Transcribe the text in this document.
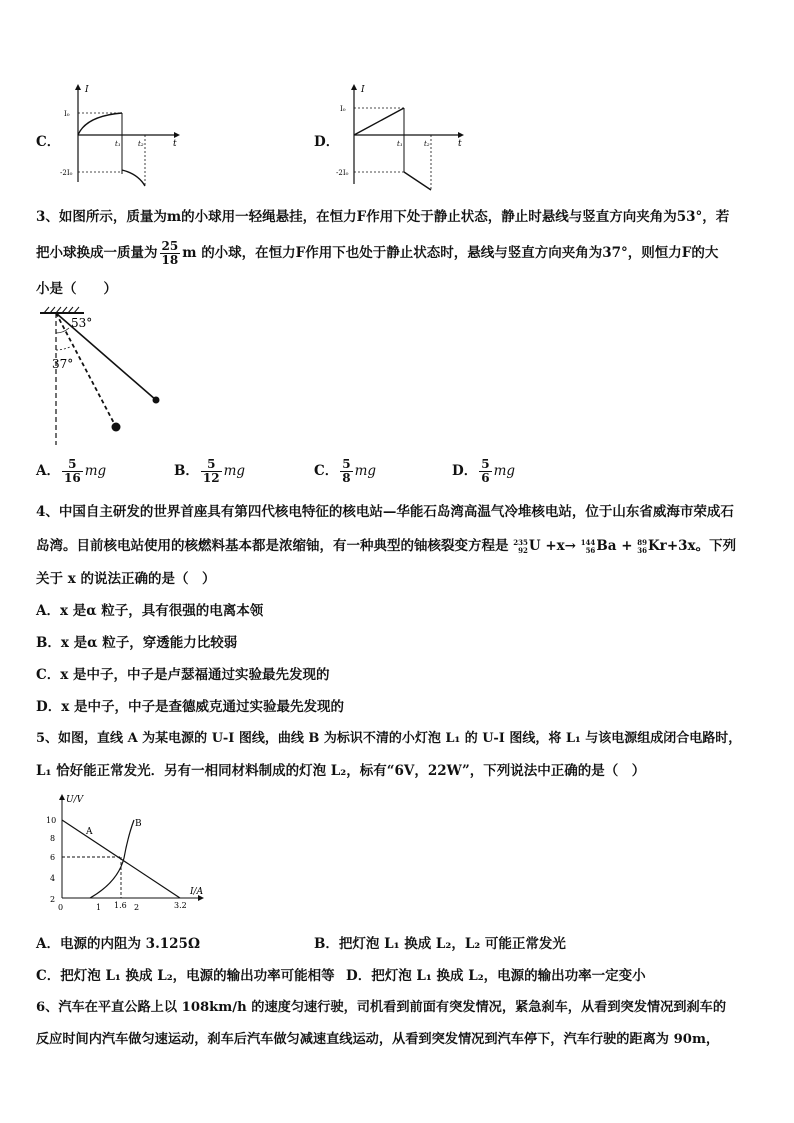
C．
I
t
I₀
-2I₀
t₁ t₂	D．
I
t
I₀
-2I₀
t₁	t₂
3、如图所示，质量为m的小球用一轻绳悬挂，在恒力F作用下处于静止状态，静止时悬线与竖直方向夹角为53°，若
把小球换成一质量为 $\frac{25}{18}$ m 的小球，在恒力F作用下也处于静止状态时，悬线与竖直方向夹角为37°，则恒力F的大
小是（　　）
53°
37°
A． $\frac{5}{16}$ mg	B． $\frac{5}{12}$ mg	C． $\frac{5}{8}$ mg	D． $\frac{5}{6}$ mg
4、中国自主研发的世界首座具有第四代核电特征的核电站—华能石岛湾高温气冷堆核电站，位于山东省威海市荣成石
岛湾。目前核电站使用的核燃料基本都是浓缩铀，有一种典型的铀核裂变方程是 235
92U +x→ 144
56Ba + 89
36Kr+3x。下列
关于 x 的说法正确的是（　）
A．x 是α 粒子，具有很强的电离本领
B．x 是α 粒子，穿透能力比较弱
C．x 是中子，中子是卢瑟福通过实验最先发现的
D．x 是中子，中子是查德威克通过实验最先发现的
5、如图，直线 A 为某电源的 U-I 图线，曲线 B 为标识不清的小灯泡 L₁ 的 U-I 图线，将 L₁ 与该电源组成闭合电路时，
L₁ 恰好能正常发光．另有一相同材料制成的灯泡 L₂，标有“6V，22W”，下列说法中正确的是（　）
U/V
I/A
10
8
6
4
2
0	1 1.6 2	3.2
A
B
A．电源的内阻为 3.125Ω	B．把灯泡 L₁ 换成 L₂，L₂ 可能正常发光
C．把灯泡 L₁ 换成 L₂，电源的输出功率可能相等 D．把灯泡 L₁ 换成 L₂，电源的输出功率一定变小
6、汽车在平直公路上以 108km/h 的速度匀速行驶，司机看到前面有突发情况，紧急刹车，从看到突发情况到刹车的
反应时间内汽车做匀速运动，刹车后汽车做匀减速直线运动，从看到突发情况到汽车停下，汽车行驶的距离为 90m，
